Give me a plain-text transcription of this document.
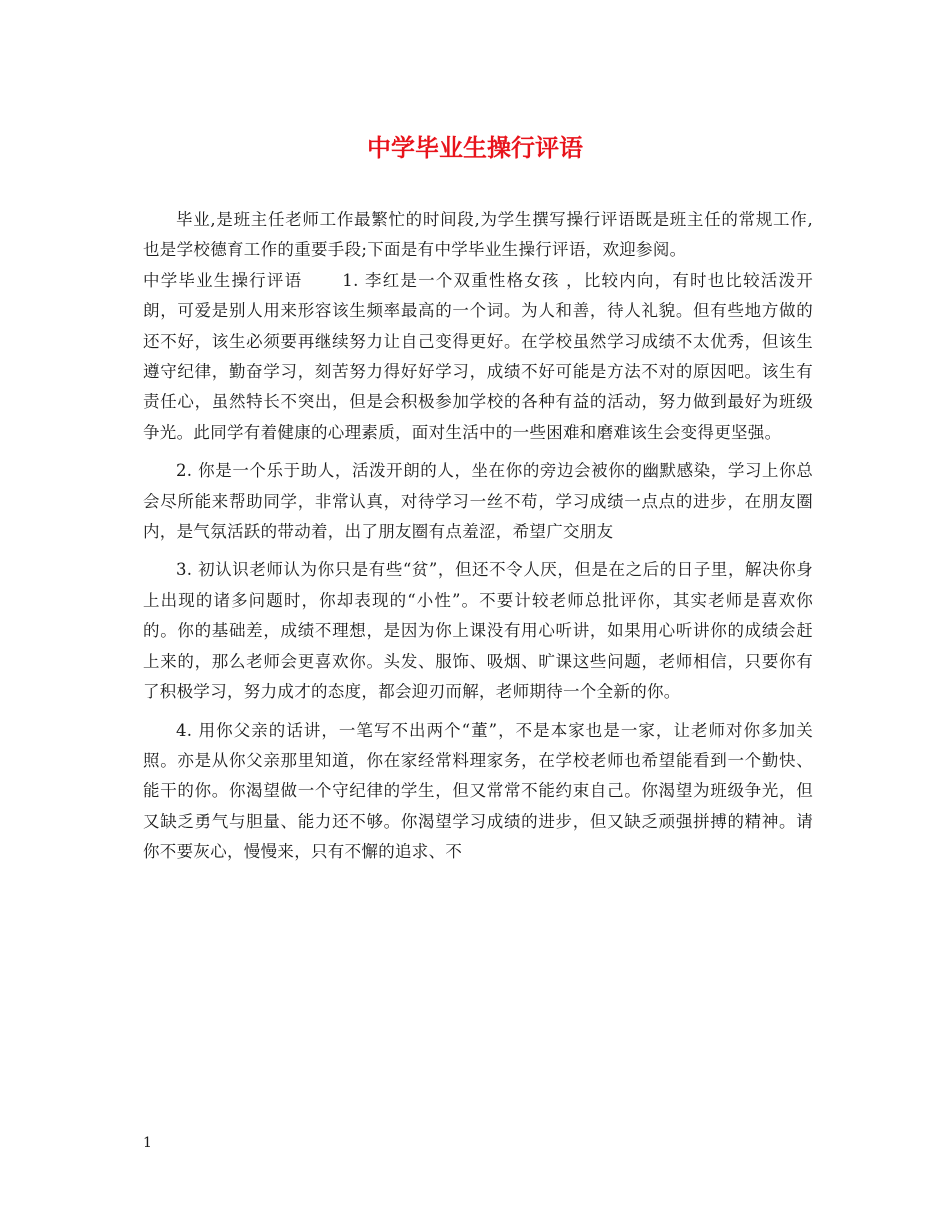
中学毕业生操行评语

毕业,是班主任老师工作最繁忙的时间段,为学生撰写操行评语既是班主任的常规工作,也是学校德育工作的重要手段;下面是有中学毕业生操行评语，欢迎参阅。

中学毕业生操行评语 1. 李红是一个双重性格女孩 ，比较内向，有时也比较活泼开朗，可爱是别人用来形容该生频率最高的一个词。为人和善，待人礼貌。但有些地方做的还不好，该生必须要再继续努力让自己变得更好。在学校虽然学习成绩不太优秀，但该生遵守纪律，勤奋学习，刻苦努力得好好学习，成绩不好可能是方法不对的原因吧。该生有责任心，虽然特长不突出，但是会积极参加学校的各种有益的活动，努力做到最好为班级争光。此同学有着健康的心理素质，面对生活中的一些困难和磨难该生会变得更坚强。

2. 你是一个乐于助人，活泼开朗的人，坐在你的旁边会被你的幽默感染，学习上你总会尽所能来帮助同学，非常认真，对待学习一丝不苟，学习成绩一点点的进步，在朋友圈内，是气氛活跃的带动着，出了朋友圈有点羞涩，希望广交朋友

3. 初认识老师认为你只是有些“贫”，但还不令人厌，但是在之后的日子里，解决你身上出现的诸多问题时，你却表现的“小性”。不要计较老师总批评你，其实老师是喜欢你的。你的基础差，成绩不理想，是因为你上课没有用心听讲，如果用心听讲你的成绩会赶上来的，那么老师会更喜欢你。头发、服饰、吸烟、旷课这些问题，老师相信，只要你有了积极学习，努力成才的态度，都会迎刃而解，老师期待一个全新的你。

4. 用你父亲的话讲，一笔写不出两个“董”，不是本家也是一家，让老师对你多加关照。亦是从你父亲那里知道，你在家经常料理家务，在学校老师也希望能看到一个勤快、能干的你。你渴望做一个守纪律的学生，但又常常不能约束自己。你渴望为班级争光，但又缺乏勇气与胆量、能力还不够。你渴望学习成绩的进步，但又缺乏顽强拼搏的精神。请你不要灰心，慢慢来，只有不懈的追求、不

1
